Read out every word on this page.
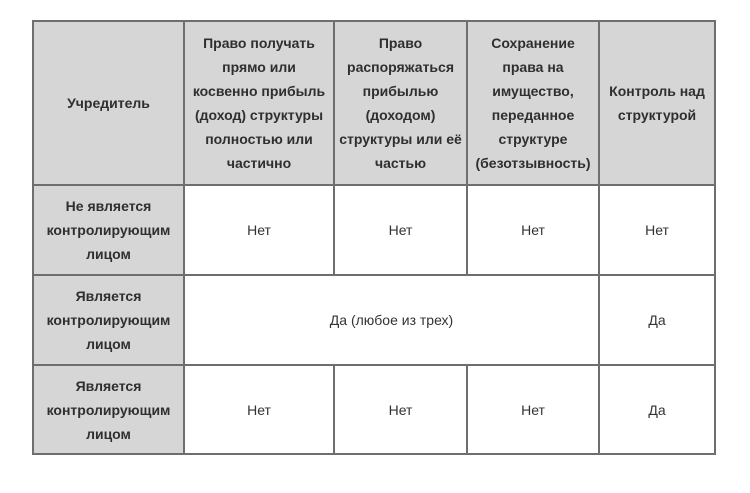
Учредитель	Право получать прямо или косвенно прибыль (доход) структуры полностью или частично	Право распоряжаться прибылью (доходом) структуры или её частью	Сохранение права на имущество, переданное структуре (безотзывность)	Контроль над структурой
Не является контролирующим лицом	Нет	Нет	Нет	Нет
Является контролирующим лицом	Да (любое из трех)			Да
Является контролирующим лицом	Нет	Нет	Нет	Да
